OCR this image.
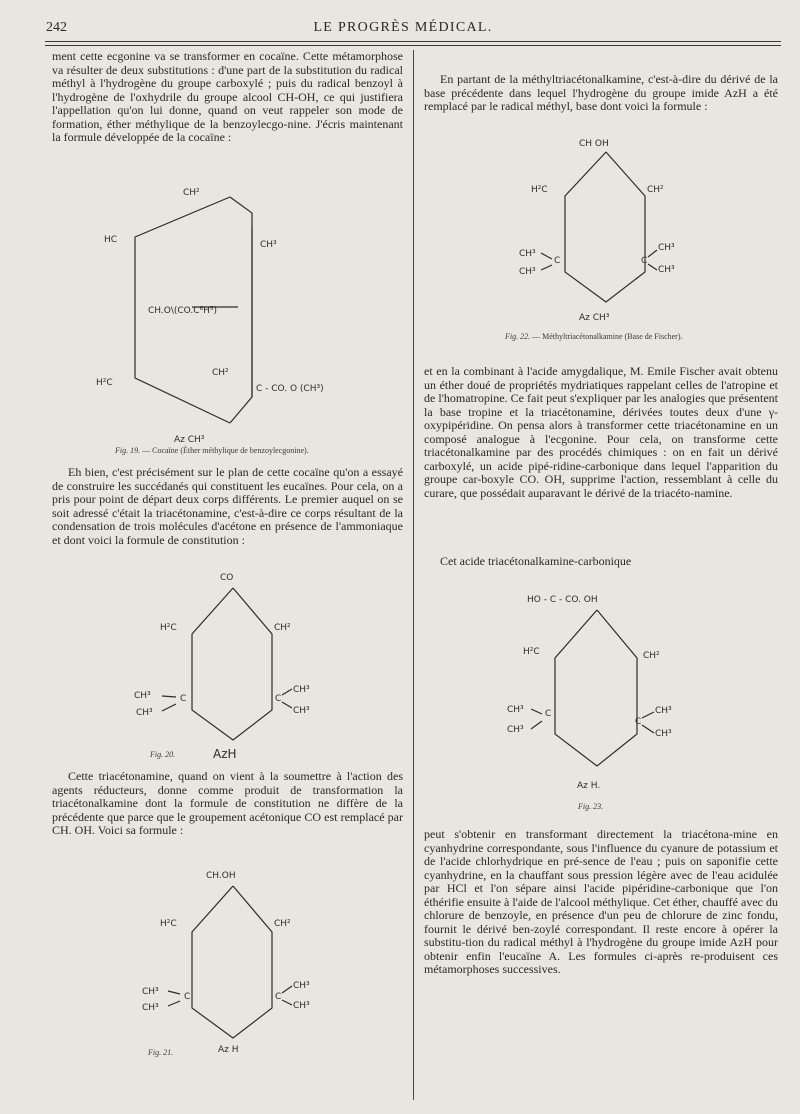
242	LE PROGRÈS MÉDICAL.

ment cette ecgonine va se transformer en cocaïne. Cette métamorphose va résulter de deux substitutions : d'une part de la substitution du radical méthyl à l'hydrogène du groupe carboxylé ; puis du radical benzoyl à l'hydrogène de l'oxhydrile du groupe alcool CH-OH, ce qui justifiera l'appellation qu'on lui donne, quand on veut rappeler son mode de formation, éther méthylique de la benzoylecgo-nine. J'écris maintenant la formule développée de la cocaïne :

CH²
HC	CH³
CH.O\(CO.C⁶H⁵)
H²C
CH²
C - CO. O (CH³)
Az CH³
Fig. 19. — Cocaïne (Éther méthylique de benzoylecgonine).

Eh bien, c'est précisément sur le plan de cette cocaïne qu'on a essayé de construire les succédanés qui constituent les eucaïnes. Pour cela, on a pris pour point de départ deux corps différents. Le premier auquel on se soit adressé c'était la triacétonamine, c'est-à-dire ce corps résultant de la condensation de trois molécules d'acétone en présence de l'ammoniaque et dont voici la formule de constitution :

CO
H²C	CH²
CH³	C
CH³
C
CH³
CH³
AzH
Fig. 20.

Cette triacétonamine, quand on vient à la soumettre à l'action des agents réducteurs, donne comme produit de transformation la triacétonalkamine dont la formule de constitution ne diffère de la précédente que parce que le groupement acétonique CO est remplacé par CH. OH. Voici sa formule :

CH.OH
H²C	CH²
CH³	C
CH³
C
CH³
CH³
Az H
Fig. 21.

En partant de la méthyltriacétonalkamine, c'est-à-dire du dérivé de la base précédente dans lequel l'hydrogène du groupe imide AzH a été remplacé par le radical méthyl, base dont voici la formule :

CH OH
H²C	CH²
CH³
C
CH³
C
CH³
CH³
Az CH³
Fig. 22. — Méthyltriacétonalkamine (Base de Fischer).

et en la combinant à l'acide amygdalique, M. Emile Fischer avait obtenu un éther doué de propriétés mydriatiques rappelant celles de l'atropine et de l'homatropine. Ce fait peut s'expliquer par les analogies que présentent la base tropine et la triacétonamine, dérivées toutes deux d'une γ-oxypipéridine. On pensa alors à transformer cette triacétonamine en un composé analogue à l'ecgonine. Pour cela, on transforme cette triacétonalkamine par des procédés chimiques : on en fait un dérivé carboxylé, un acide pipé-ridine-carbonique dans lequel l'apparition du groupe car-boxyle CO. OH, supprime l'action, ressemblant à celle du curare, que possédait auparavant le dérivé de la triacéto-namine.

Cet acide triacétonalkamine-carbonique

HO - C - CO. OH
H²C	CH²
CH³ C
CH³
C
CH³
CH³
Az H.
Fig. 23.

peut s'obtenir en transformant directement la triacétona-mine en cyanhydrine correspondante, sous l'influence du cyanure de potassium et de l'acide chlorhydrique en pré-sence de l'eau ; puis on saponifie cette cyanhydrine, en la chauffant sous pression légère avec de l'eau acidulée par HCl et l'on sépare ainsi l'acide pipéridine-carbonique que l'on éthérifie ensuite à l'aide de l'alcool méthylique. Cet éther, chauffé avec du chlorure de benzoyle, en présence d'un peu de chlorure de zinc fondu, fournit le dérivé ben-zoylé correspondant. Il reste encore à opérer la substitu-tion du radical méthyl à l'hydrogène du groupe imide AzH pour obtenir enfin l'eucaïne A. Les formules ci-après re-produisent ces métamorphoses successives.
